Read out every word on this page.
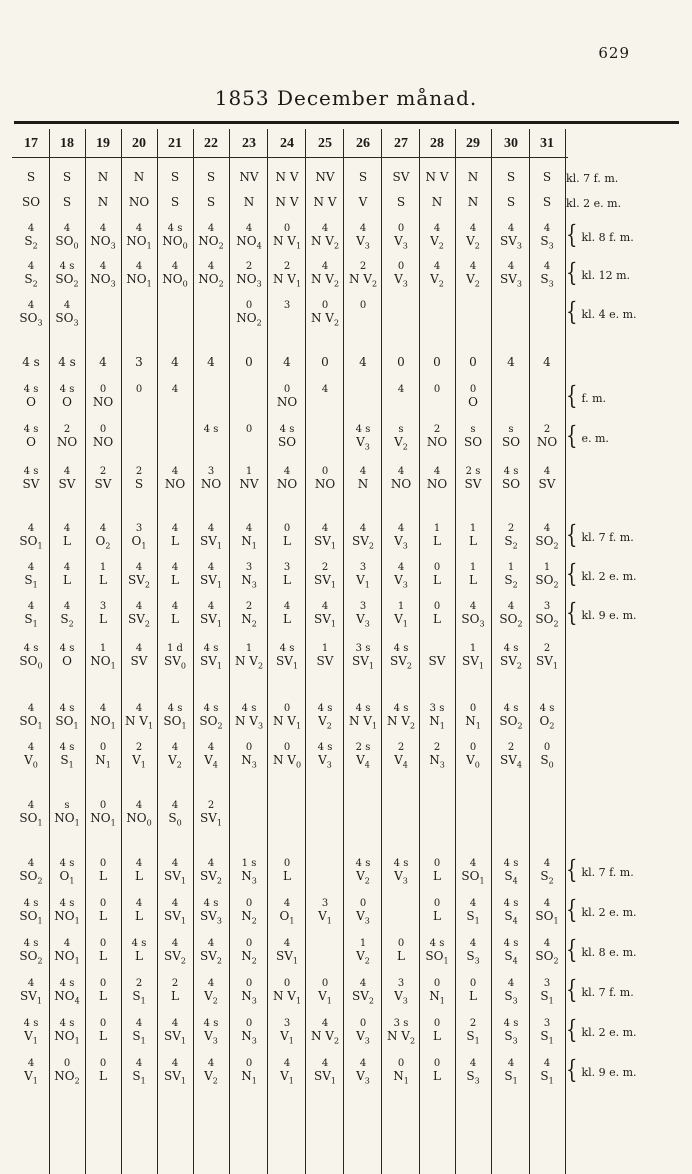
629
1853 December månad.
17
S
SO
4
$S_2$
4
$S_2$
4
$SO_3$
4 s
4 s
O
4 s
O
4 s
SV
4
$SO_1$
4
$S_1$
4
$S_1$
4 s
$SO_0$
4
$SO_1$
4
$V_0$
4
$SO_1$
4
$SO_2$
4 s
$SO_1$
4 s
$SO_2$
4
$SV_1$
4 s
$V_1$
4
$V_1$
18
S
S
4
$SO_0$
4 s
$SO_2$
4
$SO_3$
4 s
4 s
O
2
NO
4
SV
4
L
4
L
4
$S_2$
4 s
O
4 s
$SO_1$
4 s
$S_1$
s
$NO_1$
4 s
$O_1$
4 s
$NO_1$
4
$NO_1$
4 s
$NO_4$
4 s
$NO_1$
0
$NO_2$
19
N
N
4
$NO_3$
4
$NO_3$

4
0
NO
0
NO
2
SV
4
$O_2$
1
L
3
L
1
$NO_1$
4
$NO_1$
0
$N_1$
0
$NO_1$
0
L
0
L
0
L
0
L
0
L
0
L
20
N
NO
4
$NO_1$
4
$NO_1$

3
0

2
S
3
$O_1$
4
$SV_2$
4
$SV_2$
4
SV
4
N $V_1$
2
$V_1$
4
$NO_0$
4
L
4
L
4 s
L
2
$S_1$
4
$S_1$
4
$S_1$
21
S
S
4 s
$NO_0$
4
$NO_0$

4
4

4
NO
4
L
4
L
4
L
1 d
$SV_0$
4 s
$SO_1$
4
$V_2$
4
$S_0$
4
$SV_1$
4
$SV_1$
4
$SV_2$
2
L
4
$SV_1$
4
$SV_1$
22
S
S
4
$NO_2$
4
$NO_2$

4

4 s

3
NO
4
$SV_1$
4
$SV_1$
4
$SV_1$
4 s
$SV_1$
4 s
$SO_2$
4
$V_4$
2
$SV_1$
4
$SV_2$
4 s
$SV_3$
4
$SV_2$
4
$V_2$
4 s
$V_3$
4
$V_2$
23
NV
N
4
$NO_4$
2
$NO_3$
0
$NO_2$
0

0

1
NV
4
$N_1$
3
$N_3$
2
$N_2$
1
N $V_2$
4 s
N $V_3$
0
$N_3$

1 s
$N_3$
0
$N_2$
0
$N_2$
0
$N_3$
0
$N_3$
0
$N_1$
24
N V
N V
0
N $V_1$
2
N $V_1$
3

4
0
NO
4 s
SO
4
NO
0
L
3
L
4
L
4 s
$SV_1$
0
N $V_1$
0
N $V_0$

0
L
4
$O_1$
4
$SV_1$
0
N $V_1$
3
$V_1$
4
$V_1$
25
NV
N V
4
N $V_2$
4
N $V_2$
0
N $V_2$
0
4

0
NO
4
$SV_1$
2
$SV_1$
4
$SV_1$
1
SV
4 s
$V_2$
4 s
$V_3$

3
$V_1$

0
$V_1$
4
N $V_2$
4
$SV_1$
26
S
V
4
$V_3$
2
N $V_2$
0

4

4 s
$V_3$
4
N
4
$SV_2$
3
$V_1$
3
$V_3$
3 s
$SV_1$
4 s
N $V_1$
2 s
$V_4$

4 s
$V_2$
0
$V_3$
1
$V_2$
4
$SV_2$
0
$V_3$
4
$V_3$
27
SV
S
0
$V_3$
0
$V_3$

0
4

s
$V_2$
4
NO
4
$V_3$
4
$V_3$
1
$V_1$
4 s
$SV_2$
4 s
N $V_2$
2
$V_4$

4 s
$V_3$

0
L
3
$V_3$
3 s
N $V_2$
0
$N_1$
28
N V
N
4
$V_2$
4
$V_2$

0
0

2
NO
4
NO
1
L
0
L
0
L

SV
3 s
$N_1$
2
$N_3$

0
L
0
L
4 s
$SO_1$
0
$N_1$
0
L
0
L
29
N
N
4
$V_2$
4
$V_2$

0
0
O
s
SO
2 s
SV
1
L
1
L
4
$SO_3$
1
$SV_1$
0
$N_1$
0
$V_0$

4
$SO_1$
4
$S_1$
4
$S_3$
0
L
2
$S_1$
4
$S_3$
30
S
S
4
$SV_3$
4
$SV_3$

4

s
SO
4 s
SO
2
$S_2$
1
$S_2$
4
$SO_2$
4 s
$SV_2$
4 s
$SO_2$
2
$SV_4$

4 s
$S_4$
4 s
$S_4$
4 s
$S_4$
4
$S_3$
4 s
$S_3$
4
$S_1$
31
S
S
4
$S_3$
4
$S_3$

4

2
NO
4
SV
4
$SO_2$
1
$SO_2$
3
$SO_2$
2
$SV_1$
4 s
$O_2$
0
$S_0$

4
$S_2$
4
$SO_1$
4
$SO_2$
3
$S_1$
3
$S_1$
4
$S_1$
kl. 7 f. m.
kl. 2 e. m.
{ kl. 8 f. m.
{ kl. 12 m.
{ kl. 4 e. m.
{ f. m.
{ e. m.
{ kl. 7 f. m.
{ kl. 2 e. m.
{ kl. 9 e. m.
{ kl. 7 f. m.
{ kl. 2 e. m.
{ kl. 8 e. m.
{ kl. 7 f. m.
{ kl. 2 e. m.
{ kl. 9 e. m.
